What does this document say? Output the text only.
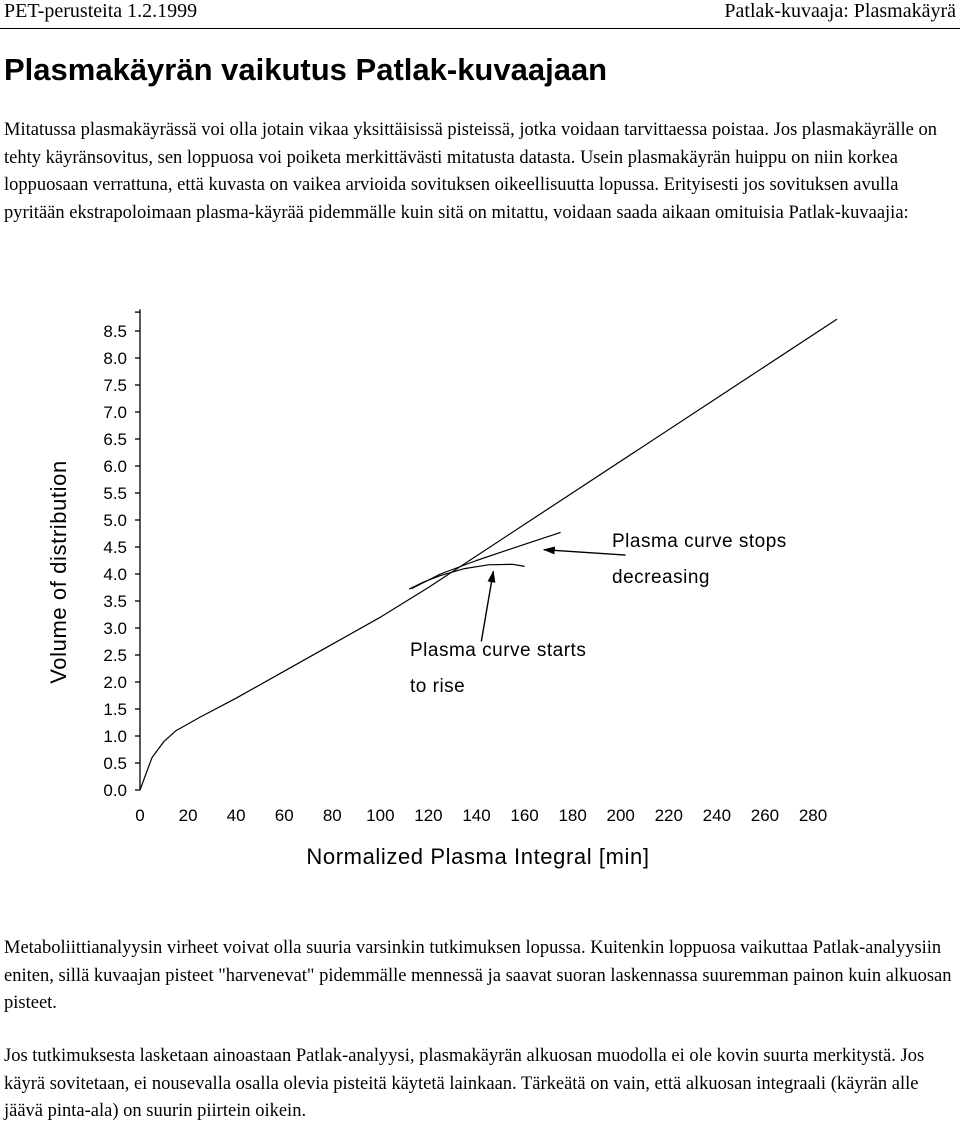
PET-perusteita 1.2.1999	Patlak-kuvaaja: Plasmakäyrä
Plasmakäyrän vaikutus Patlak-kuvaajaan

Mitatussa plasmakäyrässä voi olla jotain vikaa yksittäisissä pisteissä, jotka voidaan tarvittaessa poistaa. Jos plasmakäyrälle on tehty käyränsovitus, sen loppuosa voi poiketa merkittävästi mitatusta datasta. Usein plasmakäyrän huippu on niin korkea loppuosaan verrattuna, että kuvasta on vaikea arvioida sovituksen oikeellisuutta lopussa. Erityisesti jos sovituksen avulla pyritään ekstrapoloimaan plasma-käyrää pidemmälle kuin sitä on mitattu, voidaan saada aikaan omituisia Patlak-kuvaajia:

0.0
0.5
1.0
1.5
2.0
2.5
3.0
3.5
4.0
4.5
5.0
5.5
6.0
6.5
7.0
7.5
8.0
8.5
0 20 40 60 80 100 120 140 160 180 200 220 240 260 280
Plasma curve stops
decreasing
Plasma curve starts
to rise
Volume of distribution
Normalized Plasma Integral [min]

Metaboliittianalyysin virheet voivat olla suuria varsinkin tutkimuksen lopussa. Kuitenkin loppuosa vaikuttaa Patlak-analyysiin eniten, sillä kuvaajan pisteet "harvenevat" pidemmälle mennessä ja saavat suoran laskennassa suuremman painon kuin alkuosan pisteet.

Jos tutkimuksesta lasketaan ainoastaan Patlak-analyysi, plasmakäyrän alkuosan muodolla ei ole kovin suurta merkitystä. Jos käyrä sovitetaan, ei nousevalla osalla olevia pisteitä käytetä lainkaan. Tärkeätä on vain, että alkuosan integraali (käyrän alle jäävä pinta-ala) on suurin piirtein oikein.
